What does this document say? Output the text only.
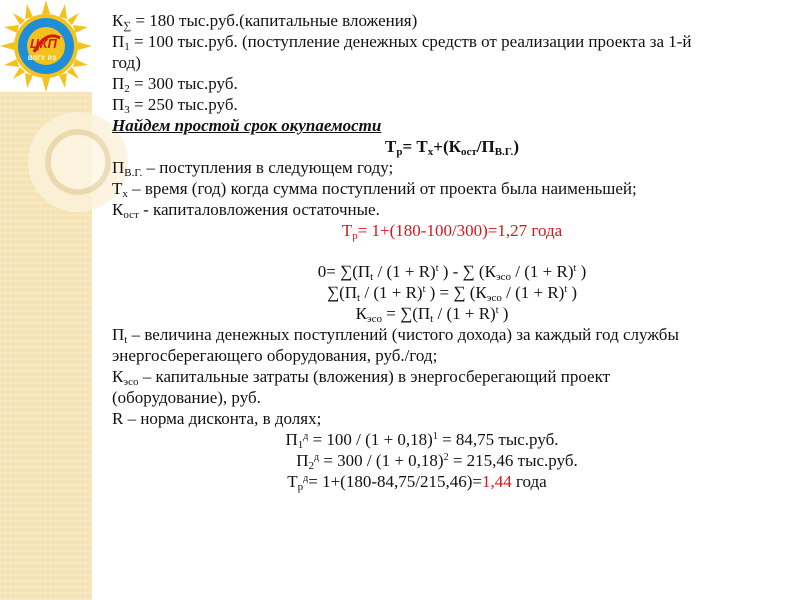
ЦКП
ВЛГУ РЭ
$К_\sum = 180$ тыс.руб.(капитальные вложения)
$П_1 = 100$ тыс.руб. (поступление денежных средств от реализации проекта за 1-й
год)
$П_2 = 300$ тыс.руб.
$П_3 = 250$ тыс.руб.
Найдем простой срок окупаемости
$Т_р= Т_х+(К_{ост}/П_{В.Г.})$
$П_{В.Г.}$ – поступления в следующем году;
$Т_х$ – время (год) когда сумма поступлений от проекта была наименьшей;
$К_{ост}$ - капиталовложения остаточные.
$Т_р= 1+(180-100/300)=1,27$ года
$0= \sum(П_t / (1 + R)^t$ ) - ∑ ($К_{эсо} / (1 + R)^t$ )
$\sum(П_t / (1 + R)^t$ ) = ∑ ($К_{эсо} / (1 + R)^t$ )
$К_{эсо} = \sum(П_t / (1 + R)^t$ )
$П_t$ – величина денежных поступлений (чистого дохода) за каждый год службы
энергосберегающего оборудования, руб./год;
$К_{эсо}$ – капитальные затраты (вложения) в энергосберегающий проект
(оборудование), руб.
R – норма дисконта, в долях;
$П_1^д = 100 / (1 + 0,18)^1 = 84,75$ тыс.руб.
$П_2^д = 300 / (1 + 0,18)^2 = 215,46$ тыс.руб.
$Т_р^д= 1+(180-84,75/215,46)=1,44$ года
